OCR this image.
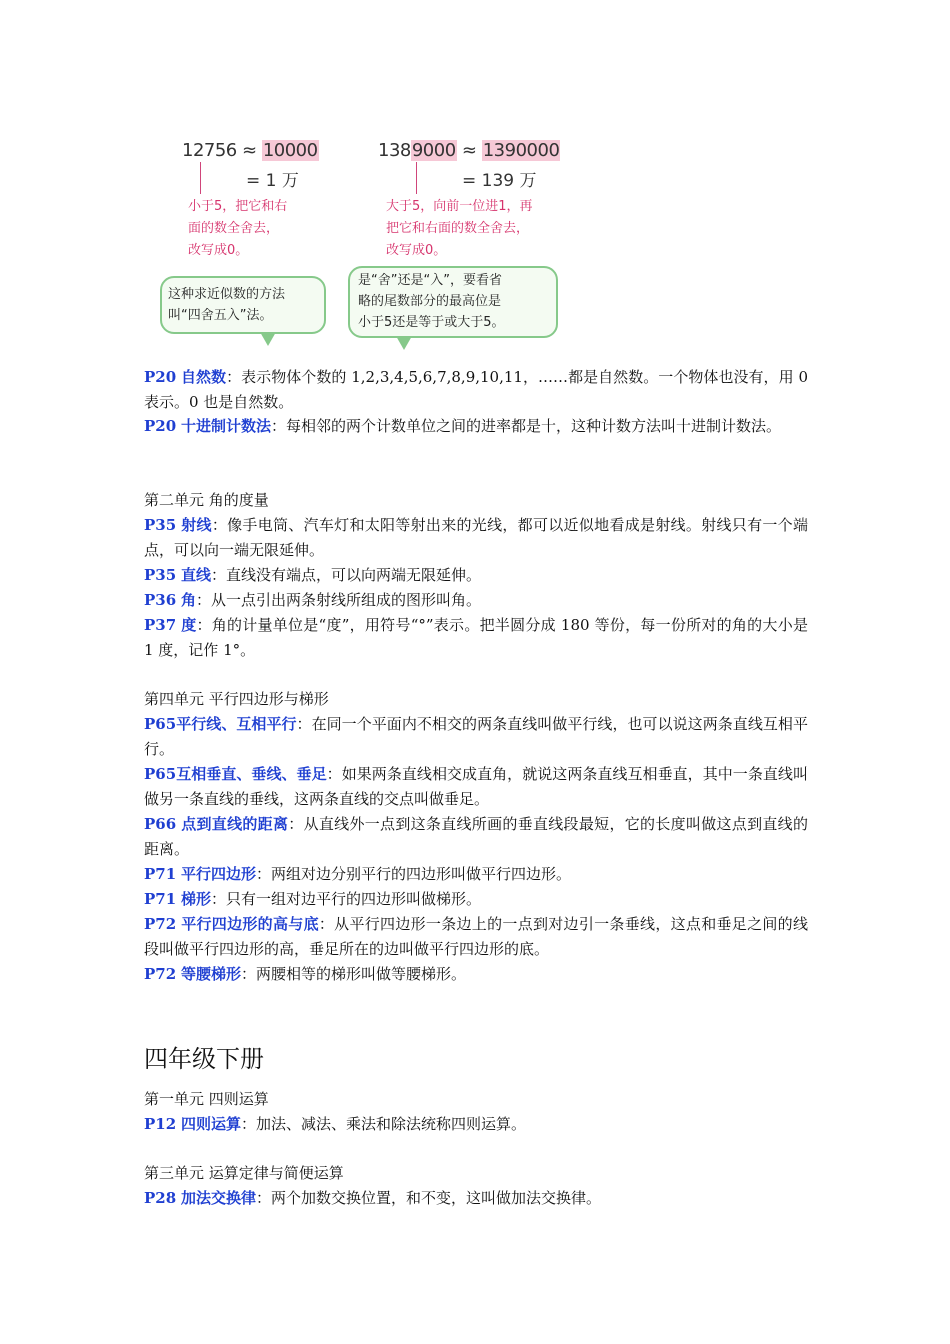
12756 ≈ 10000
= 1 万
小于5，把它和右
面的数全舍去，
改写成0。
1389000 ≈ 1390000
= 139 万
大于5，向前一位进1，再
把它和右面的数全舍去，
改写成0。
这种求近似数的方法
叫“四舍五入”法。
是“舍”还是“入”，要看省
略的尾数部分的最高位是
小于5还是等于或大于5。

P20 自然数：表示物体个数的 1,2,3,4,5,6,7,8,9,10,11，……都是自然数。一个物体也没有，用 0 表示。0 也是自然数。

P20 十进制计数法：每相邻的两个计数单位之间的进率都是十，这种计数方法叫十进制计数法。

第二单元 角的度量

P35 射线：像手电筒、汽车灯和太阳等射出来的光线，都可以近似地看成是射线。射线只有一个端点，可以向一端无限延伸。

P35 直线：直线没有端点，可以向两端无限延伸。

P36 角：从一点引出两条射线所组成的图形叫角。

P37 度：角的计量单位是“度”，用符号“°”表示。把半圆分成 180 等份，每一份所对的角的大小是 1 度，记作 1°。

第四单元 平行四边形与梯形

P65平行线、互相平行：在同一个平面内不相交的两条直线叫做平行线，也可以说这两条直线互相平行。

P65互相垂直、垂线、垂足：如果两条直线相交成直角，就说这两条直线互相垂直，其中一条直线叫做另一条直线的垂线，这两条直线的交点叫做垂足。

P66 点到直线的距离：从直线外一点到这条直线所画的垂直线段最短，它的长度叫做这点到直线的距离。

P71 平行四边形：两组对边分别平行的四边形叫做平行四边形。

P71 梯形：只有一组对边平行的四边形叫做梯形。

P72 平行四边形的高与底：从平行四边形一条边上的一点到对边引一条垂线，这点和垂足之间的线段叫做平行四边形的高，垂足所在的边叫做平行四边形的底。

P72 等腰梯形：两腰相等的梯形叫做等腰梯形。

四年级下册

第一单元 四则运算

P12 四则运算：加法、减法、乘法和除法统称四则运算。

第三单元 运算定律与简便运算

P28 加法交换律：两个加数交换位置，和不变，这叫做加法交换律。
